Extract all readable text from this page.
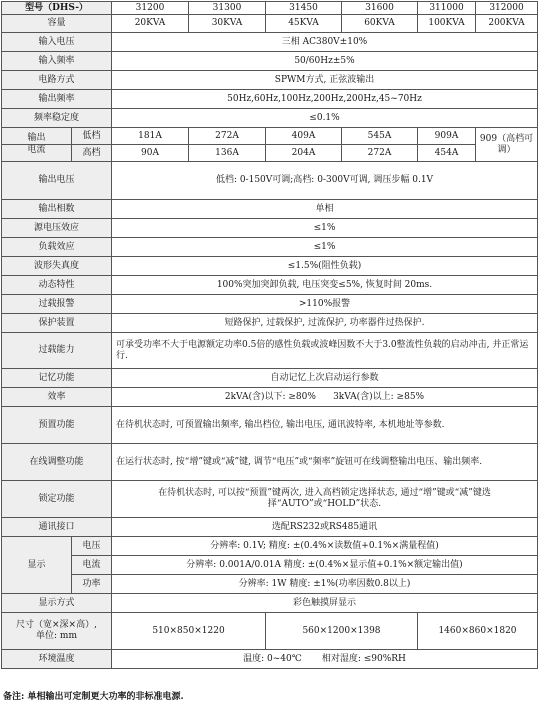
型号（DHS-）		31200	31300	31450	31600	311000	312000
容量		20KVA	30KVA	45KVA	60KVA	100KVA	200KVA
输入电压		三相 AC380V±10%					
输入频率		50/60Hz±5%					
电路方式		SPWM方式, 正弦波输出					
输出频率		50Hz,60Hz,100Hz,200Hz,200Hz,45~70Hz					
频率稳定度		≤0.1%					
输出	低档	181A	272A	409A	545A	909A	909（高档可调）
电流	高档	90A	136A	204A	272A	454A	
输出电压		低档: 0-150V可调;高档: 0-300V可调, 调压步幅 0.1V					
输出相数		单相					
源电压效应		≤1%					
负载效应		≤1%					
波形失真度		≤1.5%(阻性负载)					
动态特性		100%突加突卸负载, 电压突变≤5%, 恢复时间 20ms.					
过载报警		>110%报警					
保护装置		短路保护, 过载保护, 过流保护, 功率器件过热保护.					
过载能力		可承受功率不大于电源额定功率0.5倍的感性负载或波峰因数不大于3.0整流性负载的启动冲击, 并正常运行.					
记忆功能		自动记忆上次启动运行参数					
效率		2kVA(含)以下: ≥80%      3kVA(含)以上: ≥85%					
预置功能		在待机状态时, 可预置输出频率, 输出档位, 输出电压, 通讯波特率, 本机地址等参数.					
在线调整功能		在运行状态时, 按“增”键或“减”键, 调节“电压”或“频率”旋钮可在线调整输出电压、输出频率.					
锁定功能		在待机状态时, 可以按“预置”键两次, 进入高档锁定选择状态, 通过“增”键或“减”键选择“AUTO”或“HOLD”状态.					
通讯接口		选配RS232或RS485通讯					
显示	电压	分辨率: 0.1V; 精度: ±(0.4%×读数值+0.1%×满量程值)					
	电流	分辨率: 0.001A/0.01A 精度: ±(0.4%×显示值+0.1%×额定输出值)					
	功率	分辨率: 1W 精度: ±1%(功率因数0.8以上)					
显示方式		彩色触摸屏显示					

尺寸（宽×深×高）,
单位: mm		510×850×1220		560×1200×1398		1460×860×1820	
环境温度		温度: 0~40℃       相对湿度: ≤90%RH					
备注: 单相输出可定制更大功率的非标准电源.
